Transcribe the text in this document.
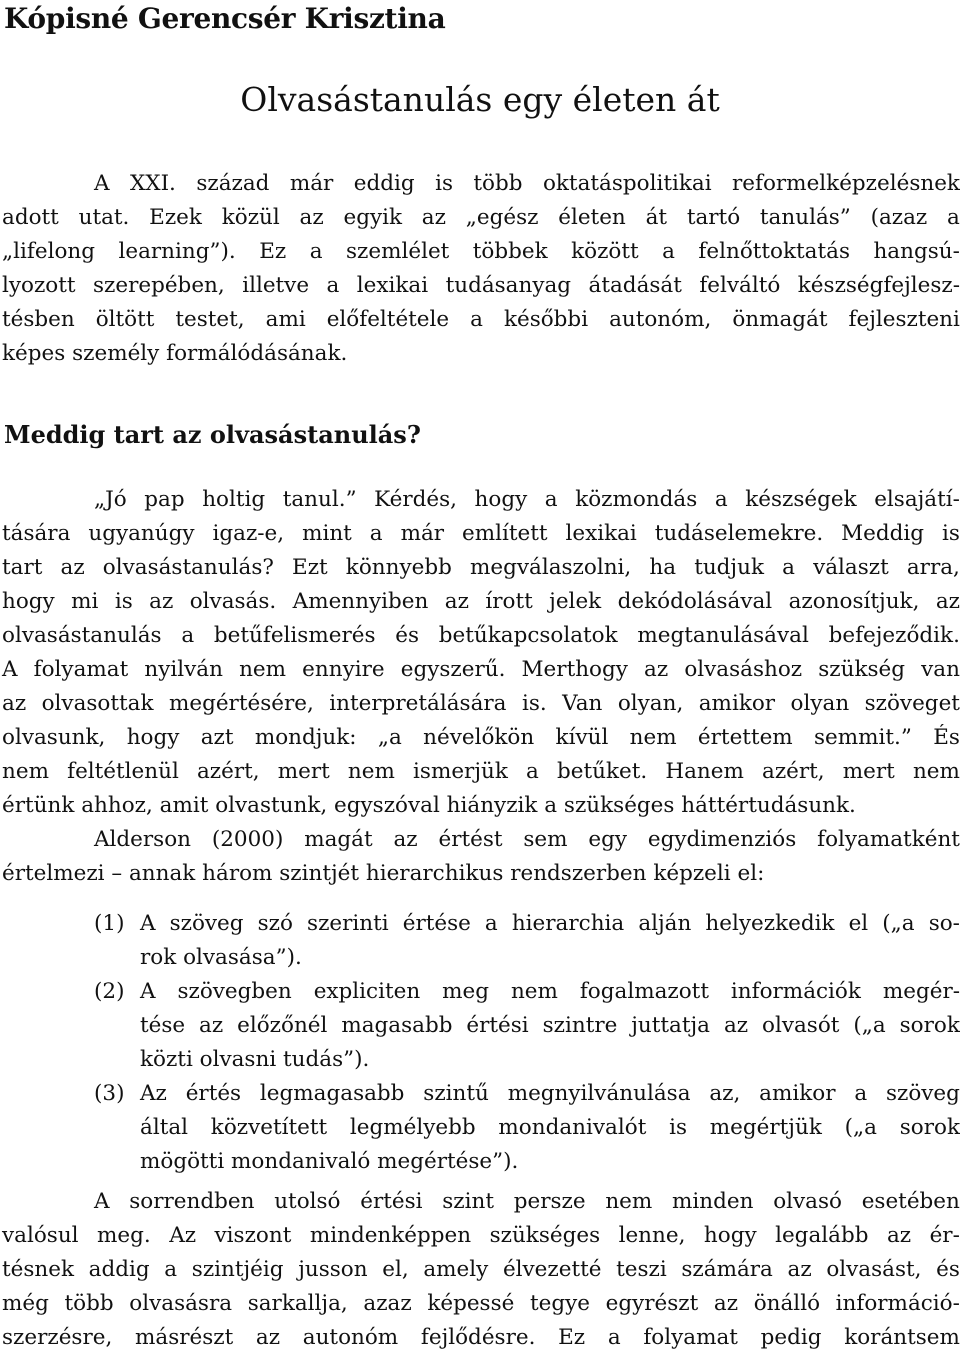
Kópisné Gerencsér Krisztina
Olvasástanulás egy életen át
A XXI. század már eddig is több oktatáspolitikai reformelképzelésnek
adott utat. Ezek közül az egyik az „egész életen át tartó tanulás” (azaz a
„lifelong learning”). Ez a szemlélet többek között a felnőttoktatás hangsú-
lyozott szerepében, illetve a lexikai tudásanyag átadását felváltó készségfejlesz-
tésben öltött testet, ami előfeltétele a későbbi autonóm, önmagát fejleszteni
képes személy formálódásának.
Meddig tart az olvasástanulás?
„Jó pap holtig tanul.” Kérdés, hogy a közmondás a készségek elsajátí-
tására ugyanúgy igaz-e, mint a már említett lexikai tudáselemekre. Meddig is
tart az olvasástanulás? Ezt könnyebb megválaszolni, ha tudjuk a választ arra,
hogy mi is az olvasás. Amennyiben az írott jelek dekódolásával azonosítjuk, az
olvasástanulás a betűfelismerés és betűkapcsolatok megtanulásával befejeződik.
A folyamat nyilván nem ennyire egyszerű. Merthogy az olvasáshoz szükség van
az olvasottak megértésére, interpretálására is. Van olyan, amikor olyan szöveget
olvasunk, hogy azt mondjuk: „a névelőkön kívül nem értettem semmit.” És
nem feltétlenül azért, mert nem ismerjük a betűket. Hanem azért, mert nem
értünk ahhoz, amit olvastunk, egyszóval hiányzik a szükséges háttértudásunk.
Alderson (2000) magát az értést sem egy egydimenziós folyamatként
értelmezi – annak három szintjét hierarchikus rendszerben képzeli el:
(1) A szöveg szó szerinti értése a hierarchia alján helyezkedik el („a so-
rok olvasása”).
(2) A szövegben expliciten meg nem fogalmazott információk megér-
tése az előzőnél magasabb értési szintre juttatja az olvasót („a sorok
közti olvasni tudás”).
(3) Az értés legmagasabb szintű megnyilvánulása az, amikor a szöveg
által közvetített legmélyebb mondanivalót is megértjük („a sorok
mögötti mondanivaló megértése”).
A sorrendben utolsó értési szint persze nem minden olvasó esetében
valósul meg. Az viszont mindenképpen szükséges lenne, hogy legalább az ér-
tésnek addig a szintjéig jusson el, amely élvezetté teszi számára az olvasást, és
még több olvasásra sarkallja, azaz képessé tegye egyrészt az önálló információ-
szerzésre, másrészt az autonóm fejlődésre. Ez a folyamat pedig korántsem
